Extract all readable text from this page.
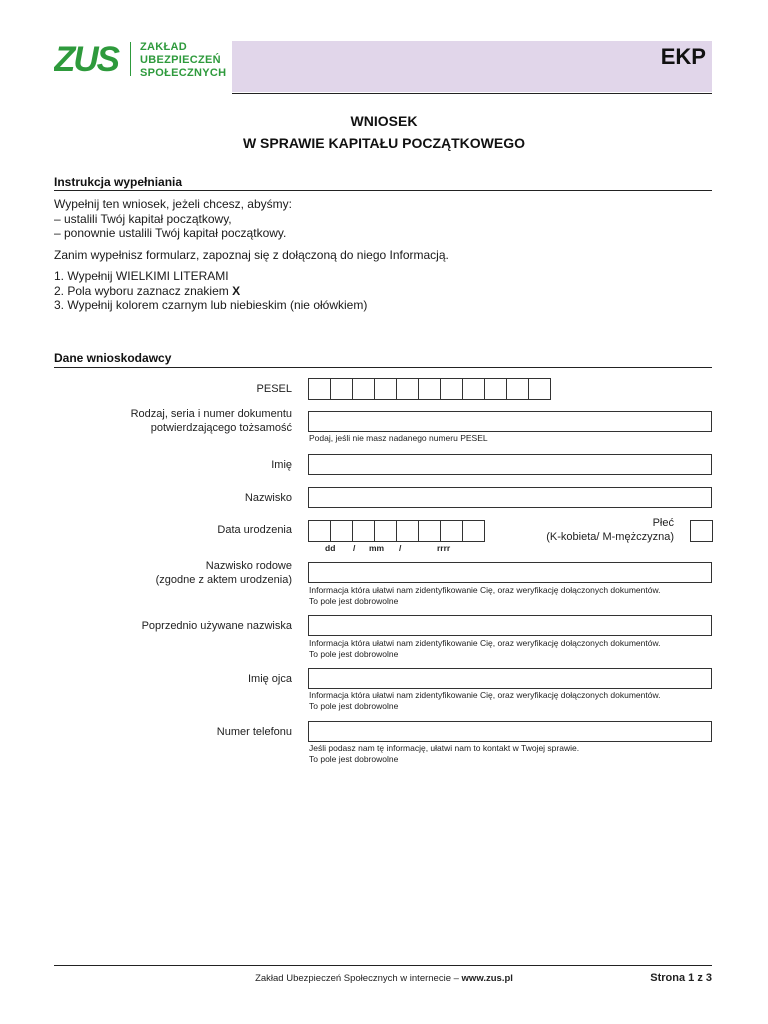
ZUS ZAKŁAD
UBEZPIECZEŃ
SPOŁECZNYCH
EKP
WNIOSEK
W SPRAWIE KAPITAŁU POCZĄTKOWEGO
Instrukcja wypełniania
Wypełnij ten wniosek, jeżeli chcesz, abyśmy:
– ustalili Twój kapitał początkowy,
– ponownie ustalili Twój kapitał początkowy.
Zanim wypełnisz formularz, zapoznaj się z dołączoną do niego Informacją.
1. Wypełnij WIELKIMI LITERAMI
2. Pola wyboru zaznacz znakiem X
3. Wypełnij kolorem czarnym lub niebieskim (nie ołówkiem)
Dane wnioskodawcy
PESEL
Rodzaj, seria i numer dokumentu
potwierdzającego tożsamość
Podaj, jeśli nie masz nadanego numeru PESEL
Imię
Nazwisko
Data urodzenia
dd / mm /	rrrr
Płeć
(K-kobieta/ M-mężczyzna)
Nazwisko rodowe
(zgodne z aktem urodzenia)
Informacja która ułatwi nam zidentyfikowanie Cię, oraz weryfikację dołączonych dokumentów.
To pole jest dobrowolne
Poprzednio używane nazwiska
Informacja która ułatwi nam zidentyfikowanie Cię, oraz weryfikację dołączonych dokumentów.
To pole jest dobrowolne
Imię ojca
Informacja która ułatwi nam zidentyfikowanie Cię, oraz weryfikację dołączonych dokumentów.
To pole jest dobrowolne
Numer telefonu
Jeśli podasz nam tę informację, ułatwi nam to kontakt w Twojej sprawie.
To pole jest dobrowolne
Zakład Ubezpieczeń Społecznych w internecie – www.zus.pl	Strona 1 z 3
